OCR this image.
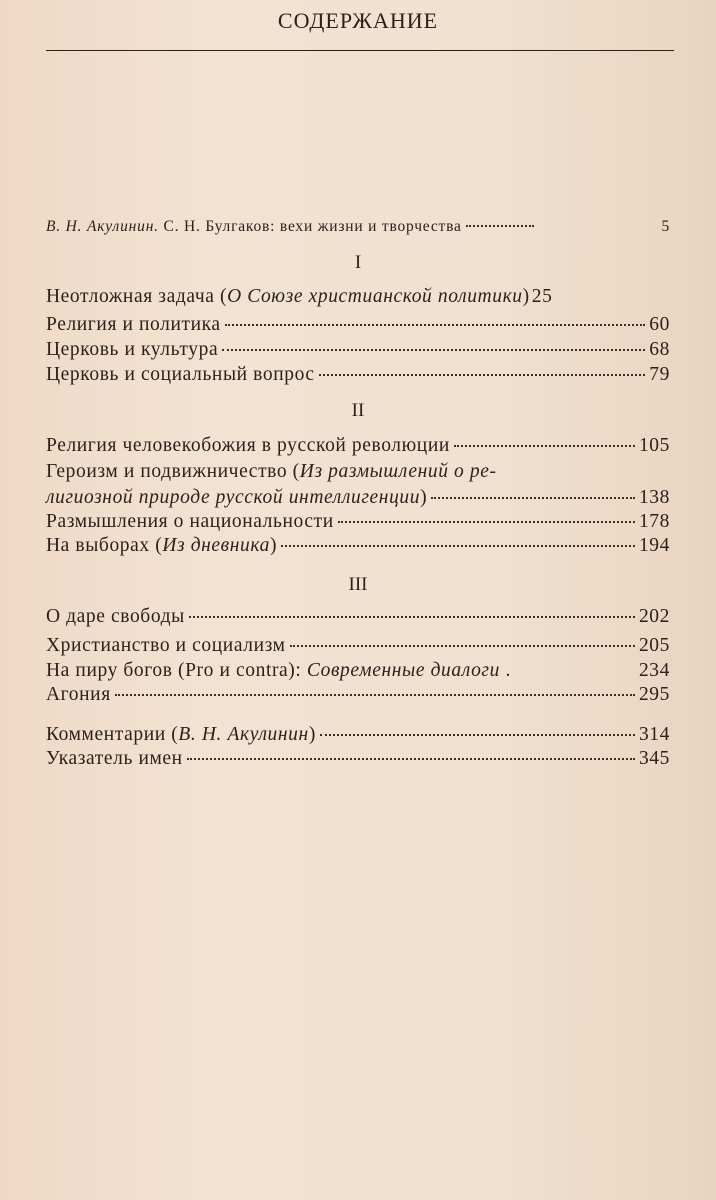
СОДЕРЖАНИЕ
В. Н. Акулинин. С. Н. Булгаков: вехи жизни и творчества	5
I
Неотложная задача (О Союзе христианской политики) 25
Религия и политика	60
Церковь и культура	68
Церковь и социальный вопрос	79
II
Религия человекобожия в русской революции	105
Героизм и подвижничество (Из размышлений о ре-
лигиозной природе русской интеллигенции)	138
Размышления о национальности	178
На выборах (Из дневника)	194
III
О даре свободы	202
Христианство и социализм	205
На пиру богов (Pro и contra): Современные диалоги .	234
Агония	295
Комментарии (В. Н. Акулинин)	314
Указатель имен	345
